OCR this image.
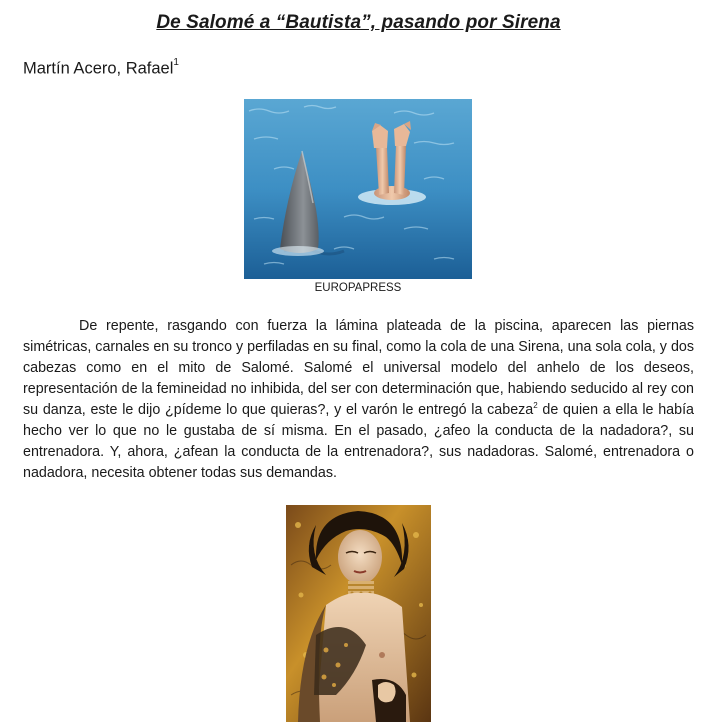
De Salomé a “Bautista”, pasando por Sirena
Martín Acero, Rafael$^1$
EUROPAPRESS

De repente, rasgando con fuerza la lámina plateada de la piscina, aparecen las piernas simétricas, carnales en su tronco y perfiladas en su final, como la cola de una Sirena, una sola cola, y dos cabezas como en el mito de Salomé. Salomé el universal modelo del anhelo de los deseos, representación de la femineidad no inhibida, del ser con determinación que, habiendo seducido al rey con su danza, este le dijo ¿pídeme lo que quieras?, y el varón le entregó la cabeza$^2$ de quien a ella le había hecho ver lo que no le gustaba de sí misma. En el pasado, ¿afeo la conducta de la nadadora?, su entrenadora. Y, ahora, ¿afean la conducta de la entrenadora?, sus nadadoras. Salomé, entrenadora o nadadora, necesita obtener todas sus demandas.
